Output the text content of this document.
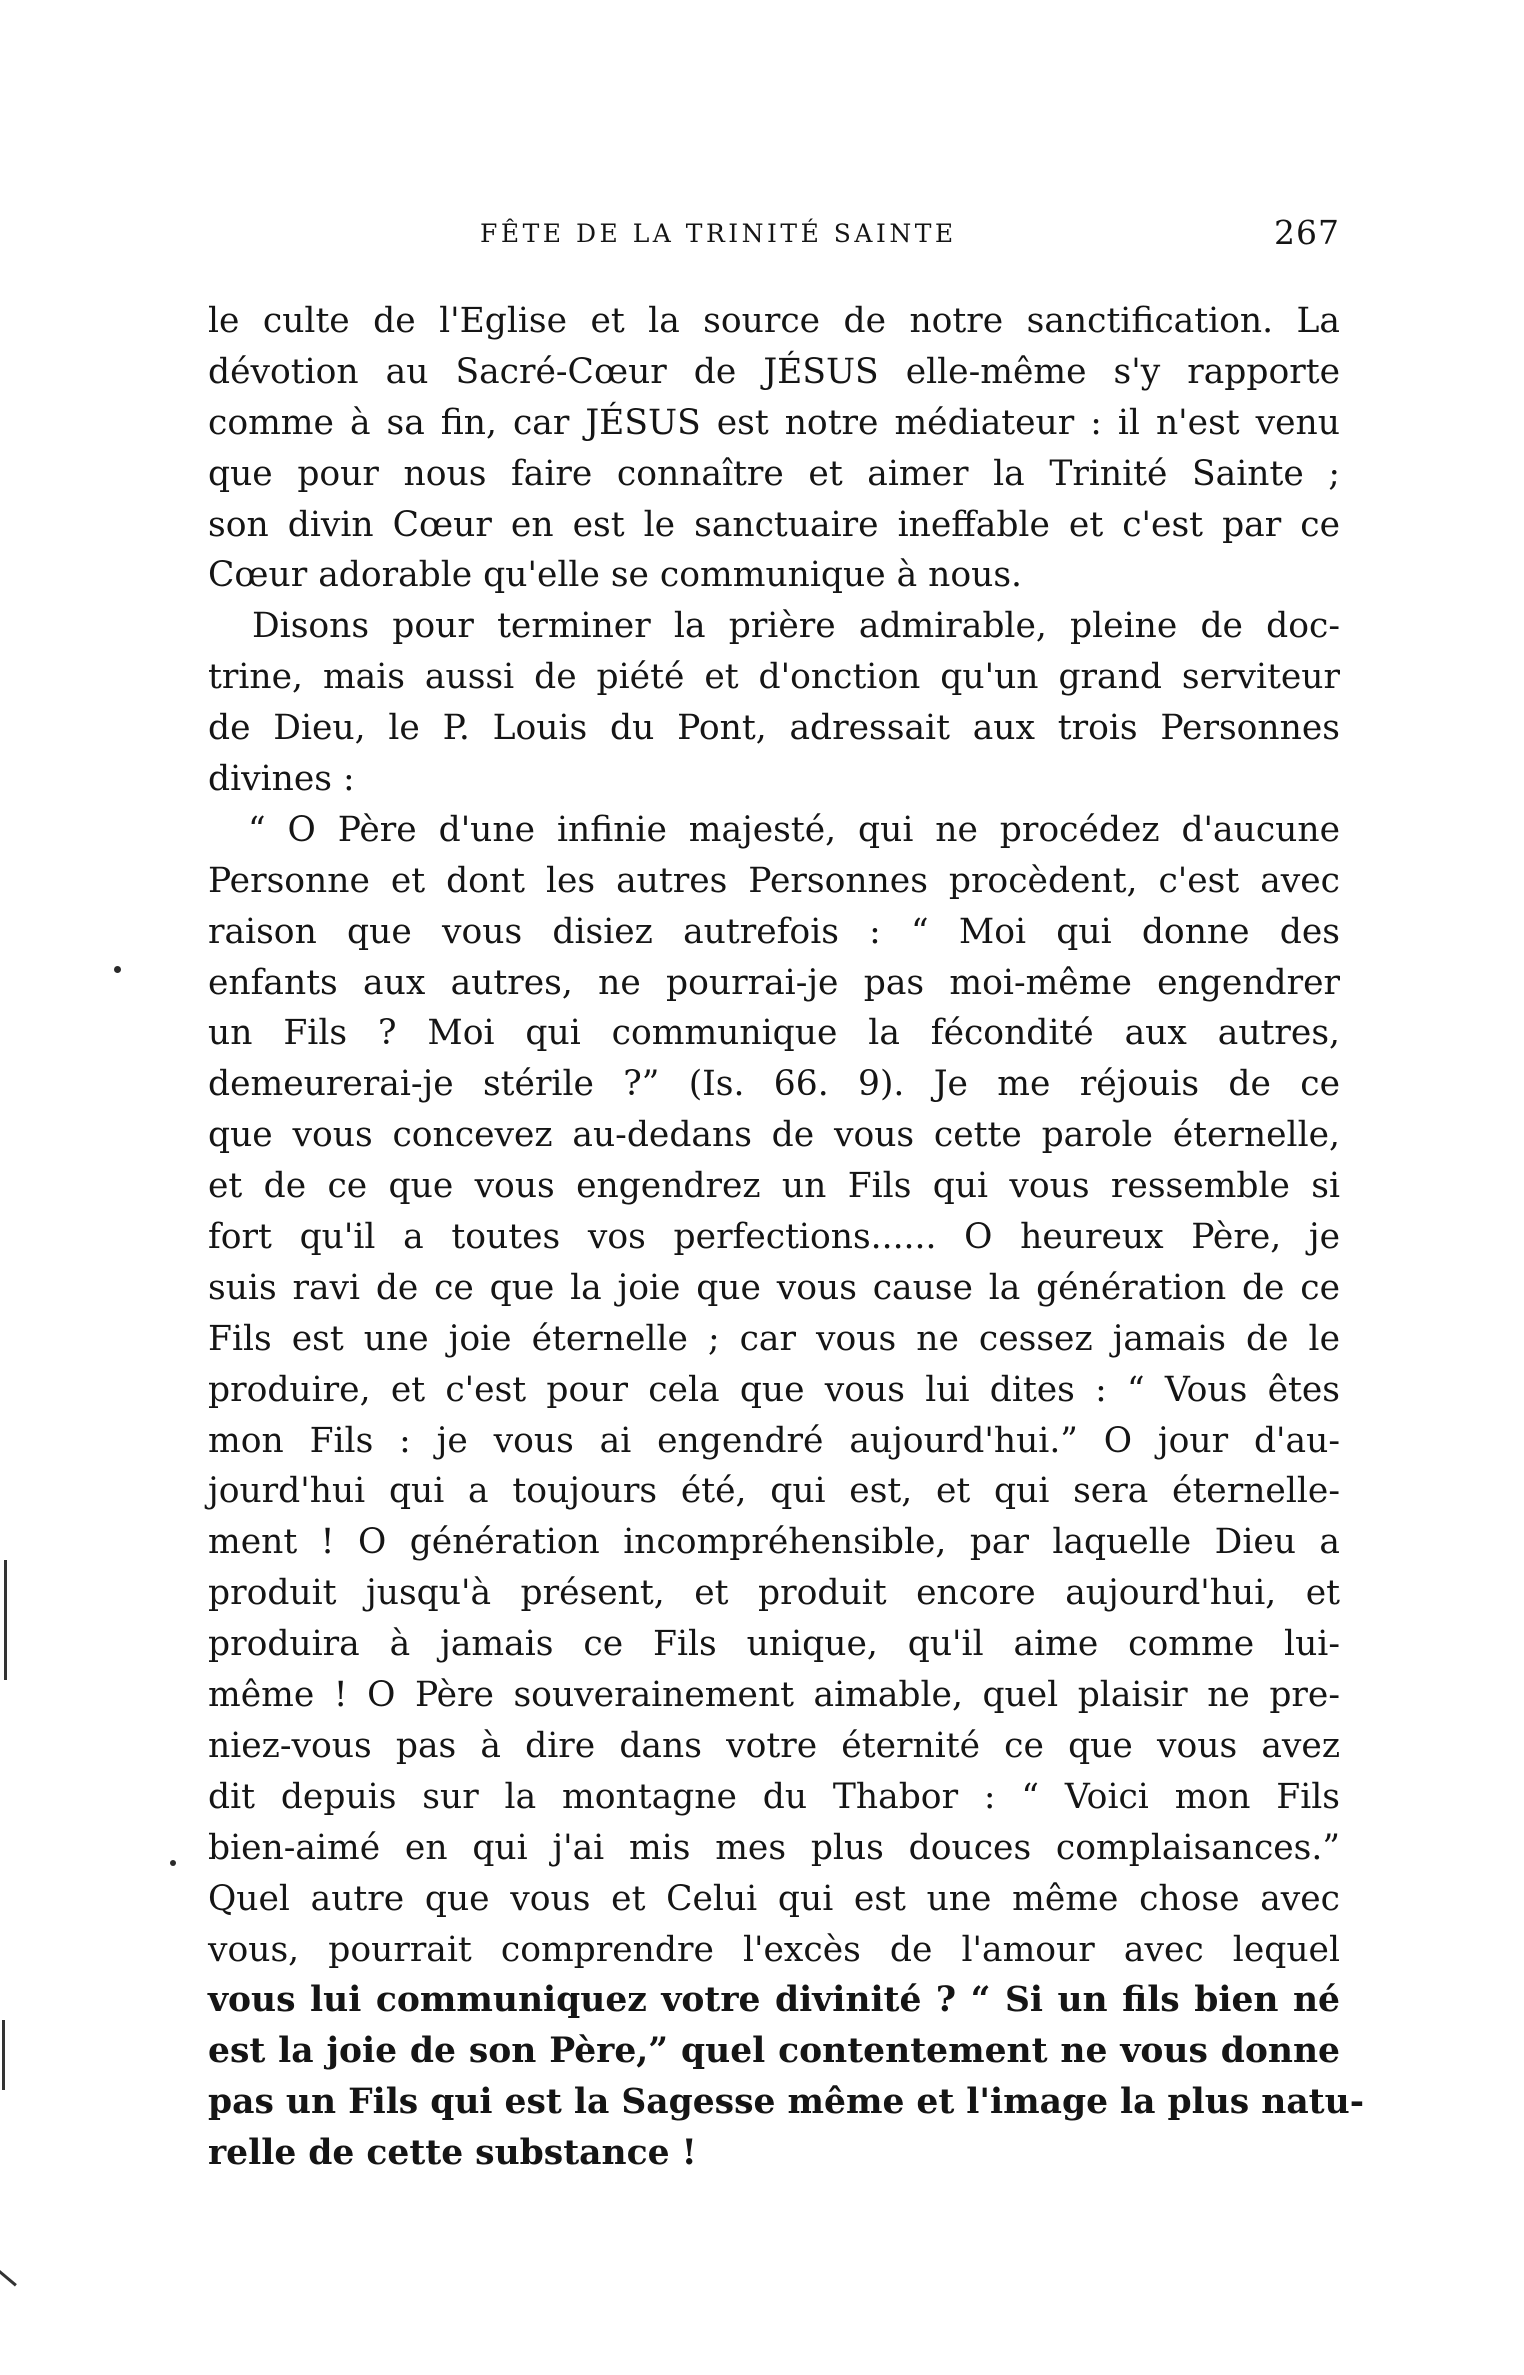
FÊTE DE LA TRINITÉ SAINTE	267
le culte de l'Eglise et la source de notre sanctification. La
dévotion au Sacré-Cœur de JÉSUS elle-même s'y rapporte
comme à sa fin, car JÉSUS est notre médiateur : il n'est venu
que pour nous faire connaître et aimer la Trinité Sainte ;
son divin Cœur en est le sanctuaire ineffable et c'est par ce
Cœur adorable qu'elle se communique à nous.
Disons pour terminer la prière admirable, pleine de doc-
trine, mais aussi de piété et d'onction qu'un grand serviteur
de Dieu, le P. Louis du Pont, adressait aux trois Personnes
divines :
“ O Père d'une infinie majesté, qui ne procédez d'aucune
Personne et dont les autres Personnes procèdent, c'est avec
raison que vous disiez autrefois : “ Moi qui donne des
enfants aux autres, ne pourrai-je pas moi-même engendrer
un Fils ? Moi qui communique la fécondité aux autres,
demeurerai-je stérile ?” (Is. 66. 9). Je me réjouis de ce
que vous concevez au-dedans de vous cette parole éternelle,
et de ce que vous engendrez un Fils qui vous ressemble si
fort qu'il a toutes vos perfections...... O heureux Père, je
suis ravi de ce que la joie que vous cause la génération de ce
Fils est une joie éternelle ; car vous ne cessez jamais de le
produire, et c'est pour cela que vous lui dites : “ Vous êtes
mon Fils : je vous ai engendré aujourd'hui.” O jour d'au-
jourd'hui qui a toujours été, qui est, et qui sera éternelle-
ment ! O génération incompréhensible, par laquelle Dieu a
produit jusqu'à présent, et produit encore aujourd'hui, et
produira à jamais ce Fils unique, qu'il aime comme lui-
même ! O Père souverainement aimable, quel plaisir ne pre-
niez-vous pas à dire dans votre éternité ce que vous avez
dit depuis sur la montagne du Thabor : “ Voici mon Fils
bien-aimé en qui j'ai mis mes plus douces complaisances.”
Quel autre que vous et Celui qui est une même chose avec
vous, pourrait comprendre l'excès de l'amour avec lequel
vous lui communiquez votre divinité ? “ Si un fils bien né
est la joie de son Père,” quel contentement ne vous donne
pas un Fils qui est la Sagesse même et l'image la plus natu-
relle de cette substance !
